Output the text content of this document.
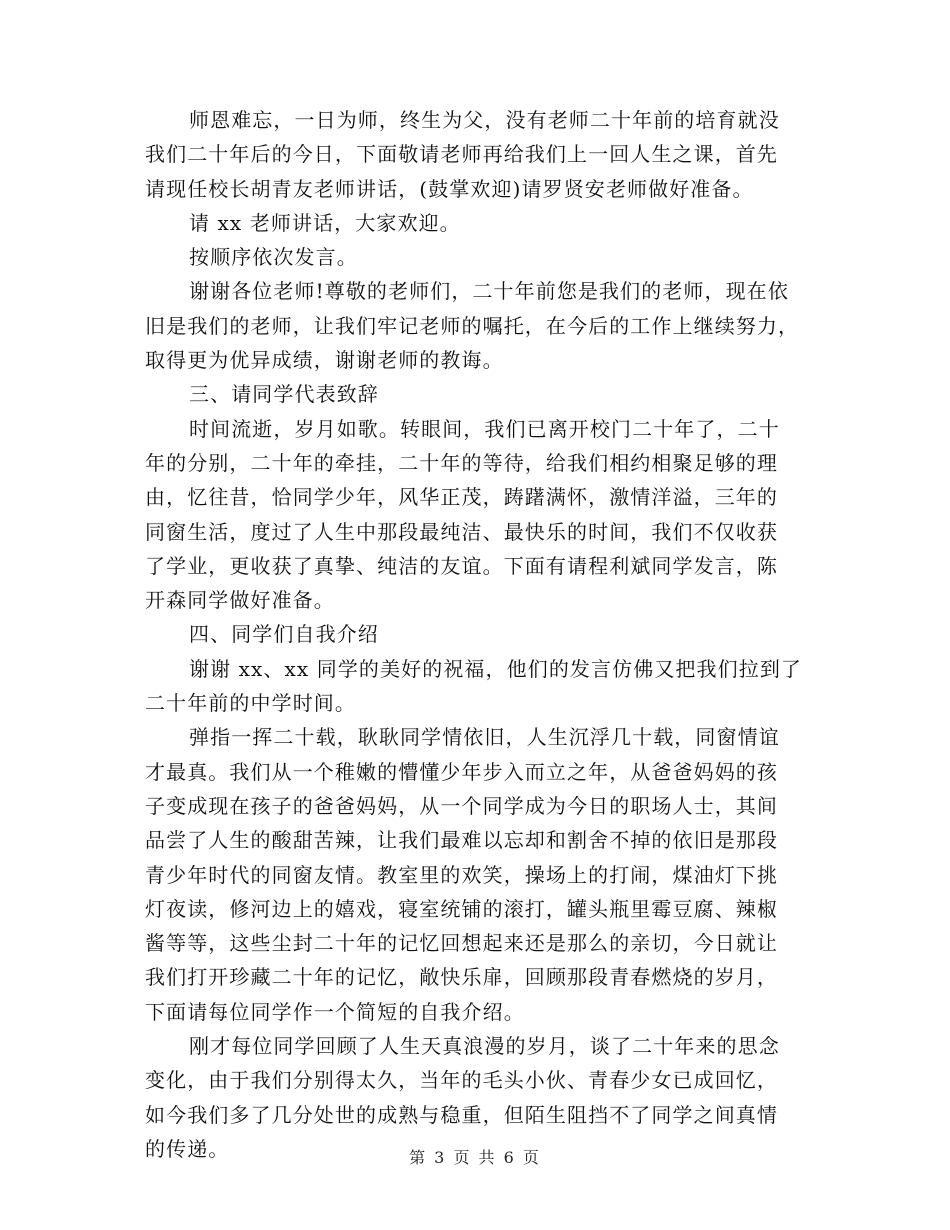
师恩难忘，一日为师，终生为父，没有老师二十年前的培育就没
我们二十年后的今日，下面敬请老师再给我们上一回人生之课，首先
请现任校长胡青友老师讲话，(鼓掌欢迎)请罗贤安老师做好准备。
请 xx 老师讲话，大家欢迎。
按顺序依次发言。
谢谢各位老师!尊敬的老师们，二十年前您是我们的老师，现在依
旧是我们的老师，让我们牢记老师的嘱托，在今后的工作上继续努力，
取得更为优异成绩，谢谢老师的教诲。
三、请同学代表致辞
时间流逝，岁月如歌。转眼间，我们已离开校门二十年了，二十
年的分别，二十年的牵挂，二十年的等待，给我们相约相聚足够的理
由，忆往昔，恰同学少年，风华正茂，踌躇满怀，激情洋溢，三年的
同窗生活，度过了人生中那段最纯洁、最快乐的时间，我们不仅收获
了学业，更收获了真挚、纯洁的友谊。下面有请程利斌同学发言，陈
开森同学做好准备。
四、同学们自我介绍
谢谢 xx、xx 同学的美好的祝福，他们的发言仿佛又把我们拉到了
二十年前的中学时间。
弹指一挥二十载，耿耿同学情依旧，人生沉浮几十载，同窗情谊
才最真。我们从一个稚嫩的懵懂少年步入而立之年，从爸爸妈妈的孩
子变成现在孩子的爸爸妈妈，从一个同学成为今日的职场人士，其间
品尝了人生的酸甜苦辣，让我们最难以忘却和割舍不掉的依旧是那段
青少年时代的同窗友情。教室里的欢笑，操场上的打闹，煤油灯下挑
灯夜读，修河边上的嬉戏，寝室统铺的滚打，罐头瓶里霉豆腐、辣椒
酱等等，这些尘封二十年的记忆回想起来还是那么的亲切，今日就让
我们打开珍藏二十年的记忆，敞快乐扉，回顾那段青春燃烧的岁月，
下面请每位同学作一个简短的自我介绍。
刚才每位同学回顾了人生天真浪漫的岁月，谈了二十年来的思念
变化，由于我们分别得太久，当年的毛头小伙、青春少女已成回忆，
如今我们多了几分处世的成熟与稳重，但陌生阻挡不了同学之间真情
的传递。	第 3 页 共 6 页
